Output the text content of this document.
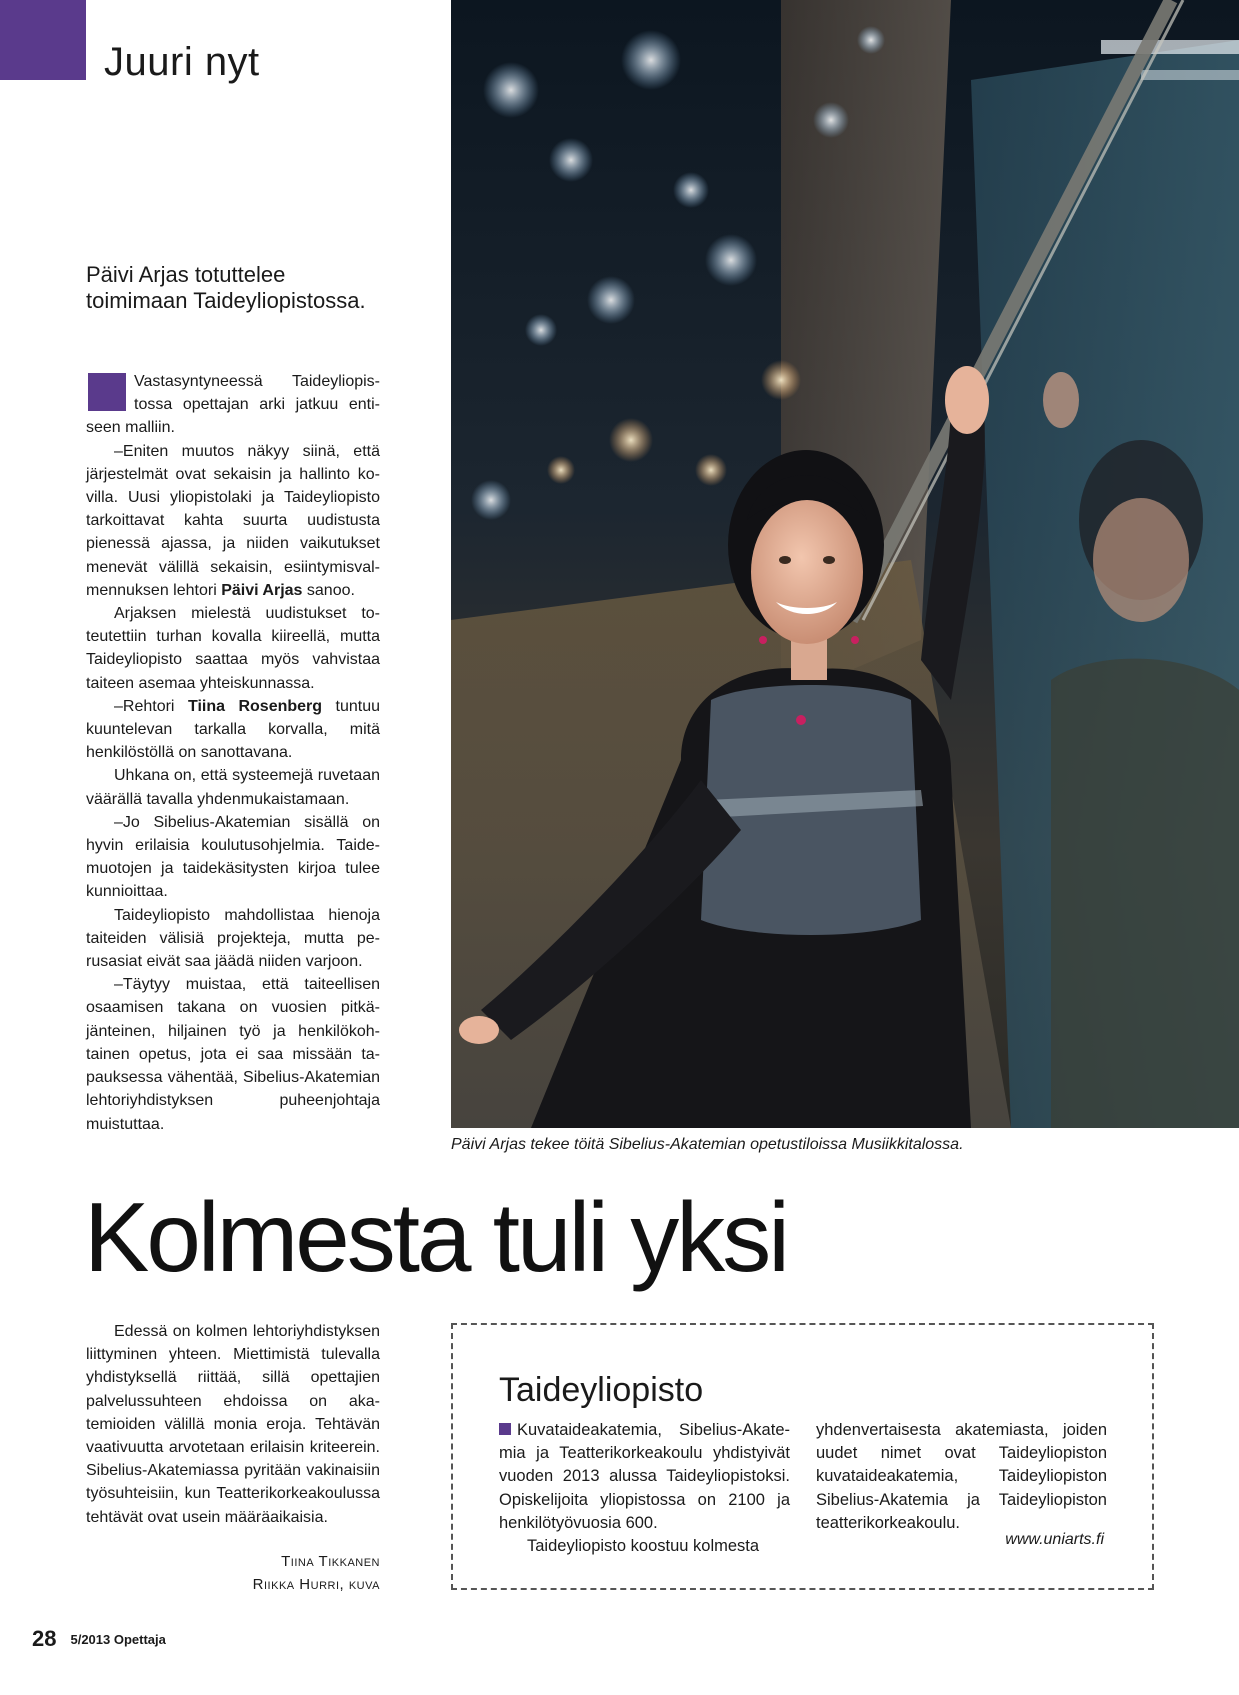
Juuri nyt
Päivi Arjas totuttelee toimimaan Taideyliopistossa.

Vastasyntyneessä Taideyliopistossa opettajan arki jatkuu entiseen malliin.

–Eniten muutos näkyy siinä, että järjestelmät ovat sekaisin ja hallinto kovilla. Uusi yliopistolaki ja Taideyliopisto tarkoittavat kahta suurta uudistusta pienessä ajassa, ja niiden vaikutukset menevät välillä sekaisin, esiintymisvalmennuksen lehtori Päivi Arjas sanoo.

Arjaksen mielestä uudistukset toteutettiin turhan kovalla kiireellä, mutta Taideyliopisto saattaa myös vahvistaa taiteen asemaa yhteiskunnassa.

–Rehtori Tiina Rosenberg tuntuu kuuntelevan tarkalla korvalla, mitä henkilöstöllä on sanottavana.

Uhkana on, että systeemejä ruvetaan väärällä tavalla yhdenmukaistamaan.

–Jo Sibelius-Akatemian sisällä on hyvin erilaisia koulutusohjelmia. Taidemuotojen ja taidekäsitysten kirjoa tulee kunnioittaa.

Taideyliopisto mahdollistaa hienoja taiteiden välisiä projekteja, mutta perusasiat eivät saa jäädä niiden varjoon.

–Täytyy muistaa, että taiteellisen osaamisen takana on vuosien pitkäjänteinen, hiljainen työ ja henkilökohtainen opetus, jota ei saa missään tapauksessa vähentää, Sibelius-Akatemian lehtoriyhdistyksen puheenjohtaja muistuttaa.

Päivi Arjas tekee töitä Sibelius-Akatemian opetustiloissa Musiikkitalossa.
Kolmesta tuli yksi

Edessä on kolmen lehtoriyhdistyksen liittyminen yhteen. Miettimistä tulevalla yhdistyksellä riittää, sillä opettajien palvelussuhteen ehdoissa on akatemioiden välillä monia eroja. Tehtävän vaativuutta arvotetaan erilaisin kriteerein. Sibelius-Akatemiassa pyritään vakinaisiin työsuhteisiin, kun Teatterikorkeakoulussa tehtävät ovat usein määräaikaisia.

Tiina Tikkanen
Riikka Hurri, kuva
Taideyliopisto

Kuvataideakatemia, Sibelius-Akatemia ja Teatterikorkeakoulu yhdistyivät vuoden 2013 alussa Taideyliopistoksi. Opiskelijoita yliopistossa on 2100 ja henkilötyövuosia 600.

Taideyliopisto koostuu kolmesta

yhdenvertaisesta akatemiasta, joiden uudet nimet ovat Taideyliopiston kuvataideakatemia, Taideyliopiston Sibelius-Akatemia ja Taideyliopiston teatterikorkeakoulu.

www.uniarts.fi
28 5/2013 Opettaja
